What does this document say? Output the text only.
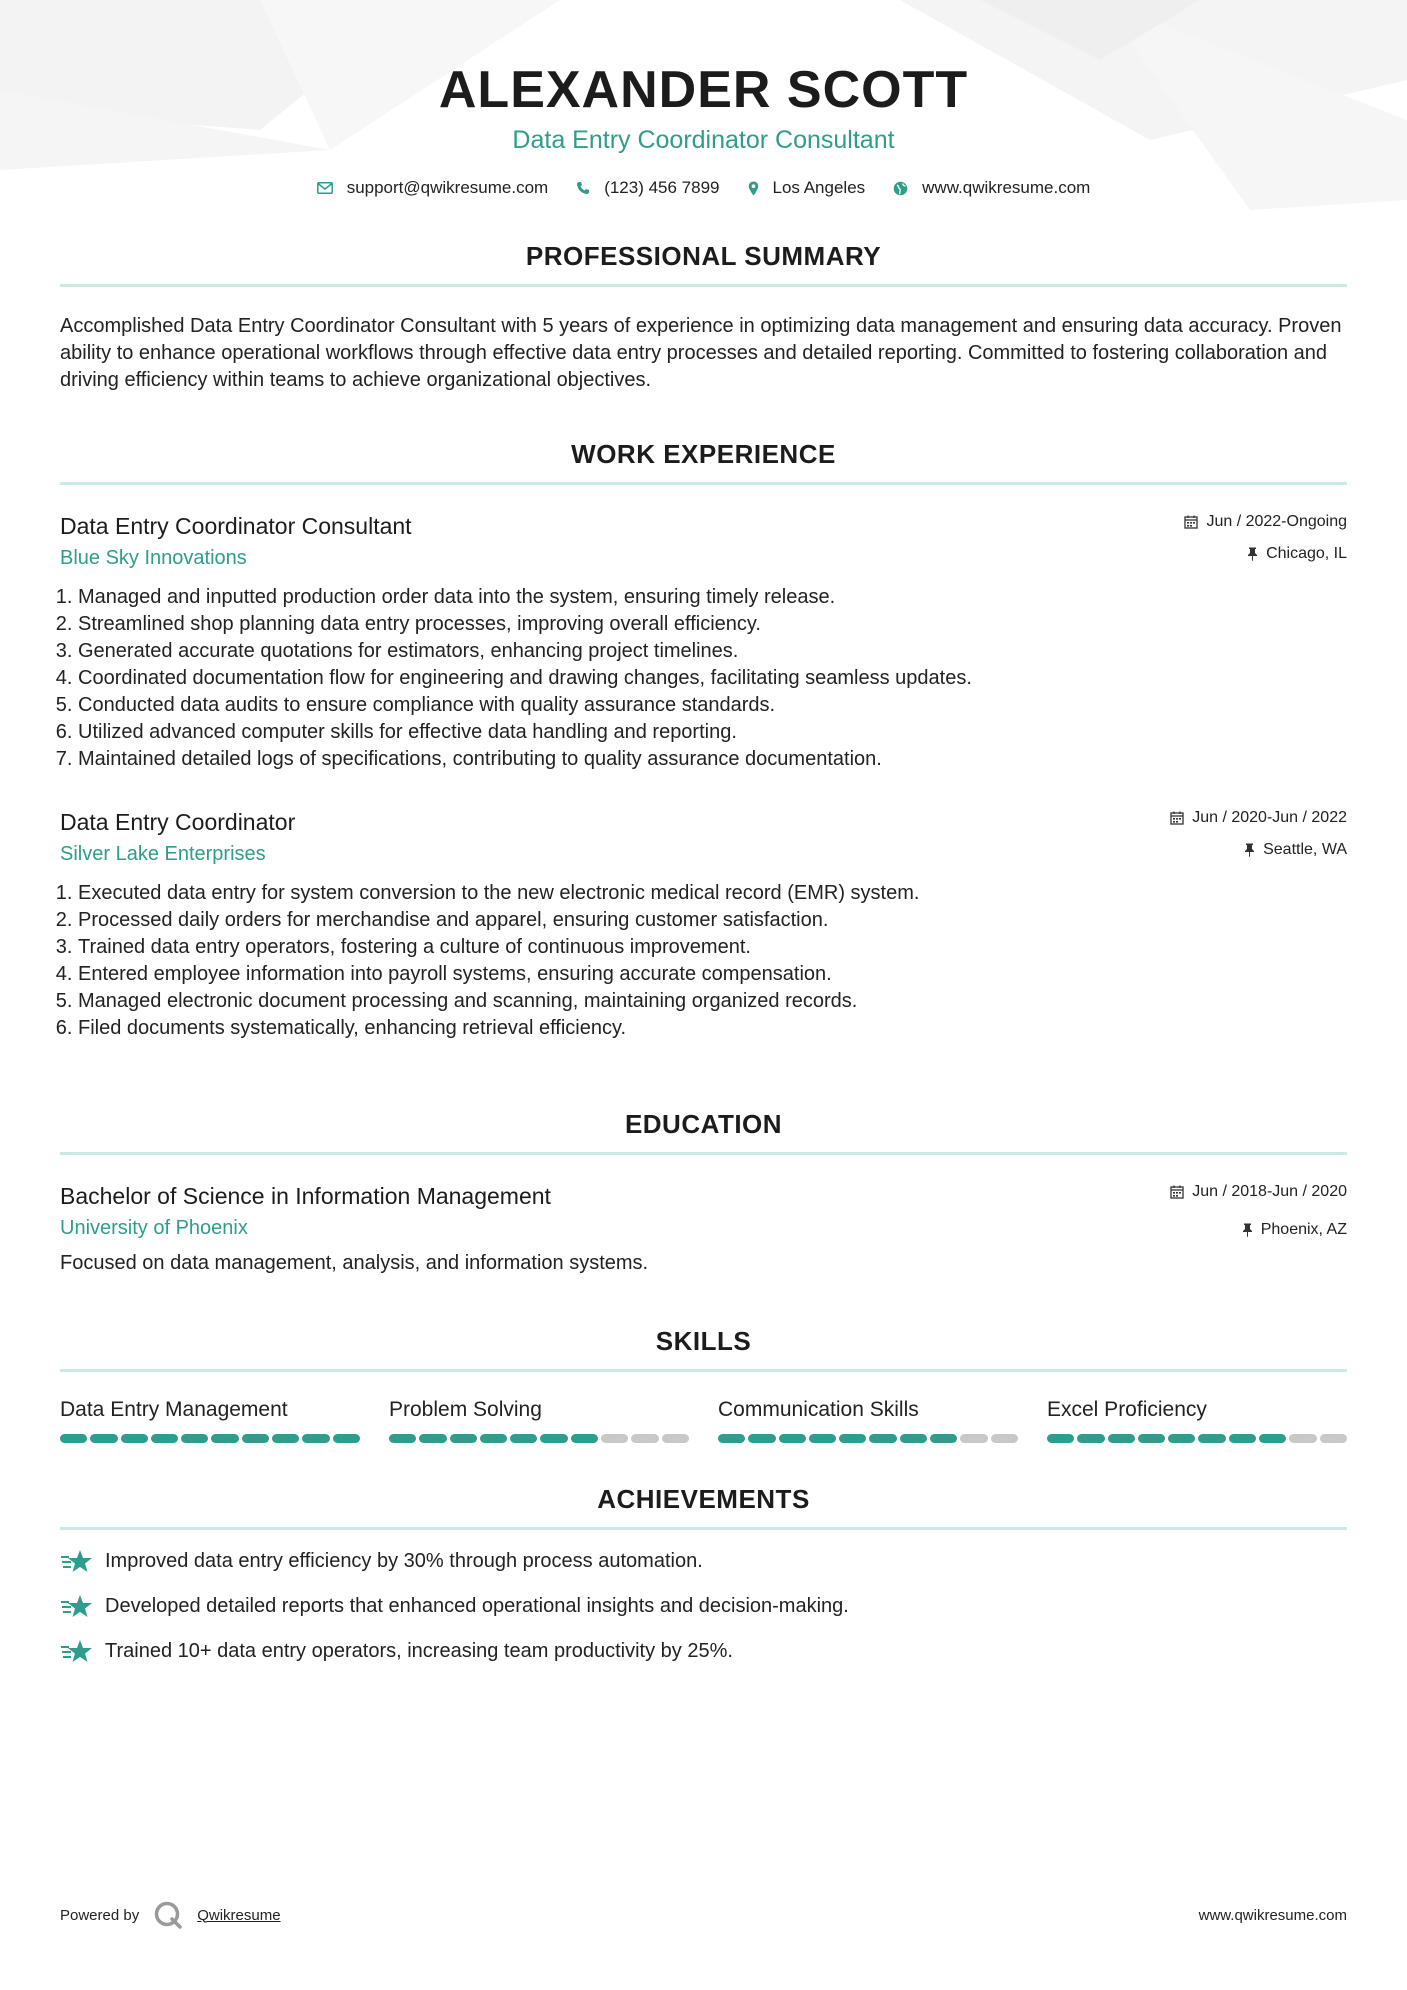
ALEXANDER SCOTT
Data Entry Coordinator Consultant
support@qwikresume.com	(123) 456 7899	Los Angeles	www.qwikresume.com
PROFESSIONAL SUMMARY
Accomplished Data Entry Coordinator Consultant with 5 years of experience in optimizing data management and ensuring data accuracy. Proven ability to enhance operational workflows through effective data entry processes and detailed reporting. Committed to fostering collaboration and driving efficiency within teams to achieve organizational objectives.
WORK EXPERIENCE
Data Entry Coordinator Consultant
Blue Sky Innovations
Jun / 2022-Ongoing
Chicago, IL
1. Managed and inputted production order data into the system, ensuring timely release.
2. Streamlined shop planning data entry processes, improving overall efficiency.
3. Generated accurate quotations for estimators, enhancing project timelines.
4. Coordinated documentation flow for engineering and drawing changes, facilitating seamless updates.
5. Conducted data audits to ensure compliance with quality assurance standards.
6. Utilized advanced computer skills for effective data handling and reporting.
7. Maintained detailed logs of specifications, contributing to quality assurance documentation.
Data Entry Coordinator
Silver Lake Enterprises
Jun / 2020-Jun / 2022
Seattle, WA
1. Executed data entry for system conversion to the new electronic medical record (EMR) system.
2. Processed daily orders for merchandise and apparel, ensuring customer satisfaction.
3. Trained data entry operators, fostering a culture of continuous improvement.
4. Entered employee information into payroll systems, ensuring accurate compensation.
5. Managed electronic document processing and scanning, maintaining organized records.
6. Filed documents systematically, enhancing retrieval efficiency.
EDUCATION
Bachelor of Science in Information Management
University of Phoenix
Jun / 2018-Jun / 2020
Phoenix, AZ
Focused on data management, analysis, and information systems.
SKILLS
Data Entry Management	Problem Solving	Communication Skills	Excel Proficiency
ACHIEVEMENTS
Improved data entry efficiency by 30% through process automation.
Developed detailed reports that enhanced operational insights and decision-making.
Trained 10+ data entry operators, increasing team productivity by 25%.
Powered by	Qwikresume	www.qwikresume.com
